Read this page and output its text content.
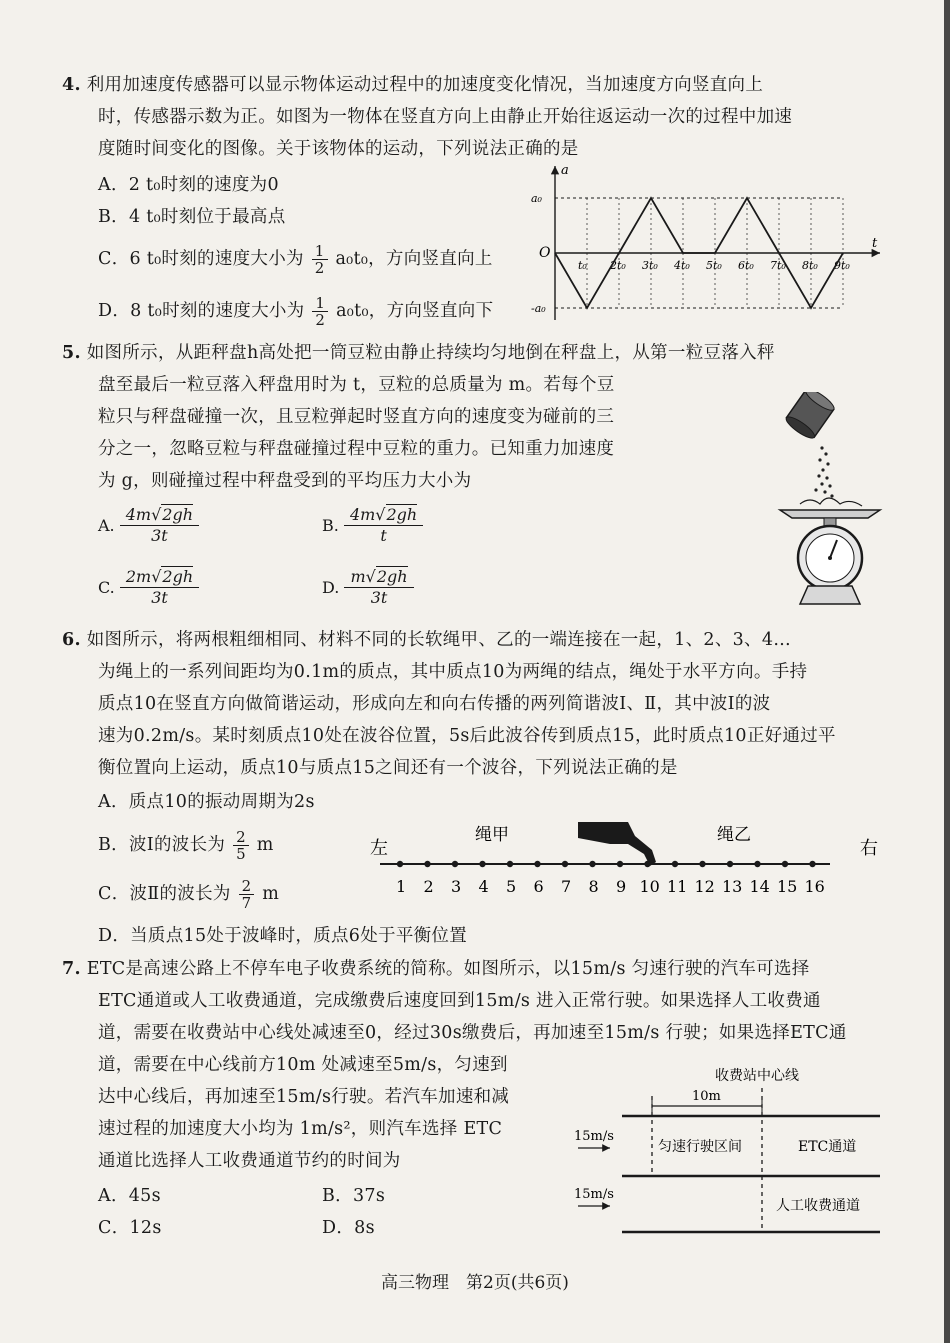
4. 利用加速度传感器可以显示物体运动过程中的加速度变化情况，当加速度方向竖直向上
时，传感器示数为正。如图为一物体在竖直方向上由静止开始往返运动一次的过程中加速
度随时间变化的图像。关于该物体的运动，下列说法正确的是
A．2 t₀时刻的速度为0
B．4 t₀时刻位于最高点
C．6 t₀时刻的速度大小为 $\frac{1}{2} a_0t_0$，方向竖直向上
D．8 t₀时刻的速度大小为 $\frac{1}{2} a_0t_0$，方向竖直向下
a
t
O
a₀
-a₀
t₀ 2t₀ 3t₀ 4t₀ 5t₀ 6t₀ 7t₀ 8t₀ 9t₀
5. 如图所示，从距秤盘h高处把一筒豆粒由静止持续均匀地倒在秤盘上，从第一粒豆落入秤
盘至最后一粒豆落入秤盘用时为 t，豆粒的总质量为 m。若每个豆
粒只与秤盘碰撞一次，且豆粒弹起时竖直方向的速度变为碰前的三
分之一，忽略豆粒与秤盘碰撞过程中豆粒的重力。已知重力加速度
为 g，则碰撞过程中秤盘受到的平均压力大小为
A. $\frac{4m√2gh}{3t}$	B. $\frac{4m√2gh}{t}$
C. $\frac{2m√2gh}{3t}$	D. $\frac{m√2gh}{3t}$
6. 如图所示，将两根粗细相同、材料不同的长软绳甲、乙的一端连接在一起，1、2、3、4…
为绳上的一系列间距均为0.1m的质点，其中质点10为两绳的结点，绳处于水平方向。手持
质点10在竖直方向做简谐运动，形成向左和向右传播的两列简谐波Ⅰ、Ⅱ，其中波Ⅰ的波
速为0.2m/s。某时刻质点10处在波谷位置，5s后此波谷传到质点15，此时质点10正好通过平
衡位置向上运动，质点10与质点15之间还有一个波谷，下列说法正确的是
A．质点10的振动周期为2s
B．波Ⅰ的波长为 $\frac{2}{5}$ m
C．波Ⅱ的波长为 $\frac{2}{7}$ m
D．当质点15处于波峰时，质点6处于平衡位置
左	右
绳甲	绳乙
1 2 3 4 5 6 7 8 9 10 11 12 13 14 15 16
7. ETC是高速公路上不停车电子收费系统的简称。如图所示，以15m/s 匀速行驶的汽车可选择
ETC通道或人工收费通道，完成缴费后速度回到15m/s 进入正常行驶。如果选择人工收费通
道，需要在收费站中心线处减速至0，经过30s缴费后，再加速至15m/s 行驶；如果选择ETC通
道，需要在中心线前方10m 处减速至5m/s，匀速到
达中心线后，再加速至15m/s行驶。若汽车加速和减
速过程的加速度大小均为 1m/s²，则汽车选择 ETC
通道比选择人工收费通道节约的时间为
A．45s	B．37s
C．12s	D．8s
收费站中心线
10m
15m/s
15m/s
匀速行驶区间	ETC通道
人工收费通道
高三物理　第2页(共6页)
